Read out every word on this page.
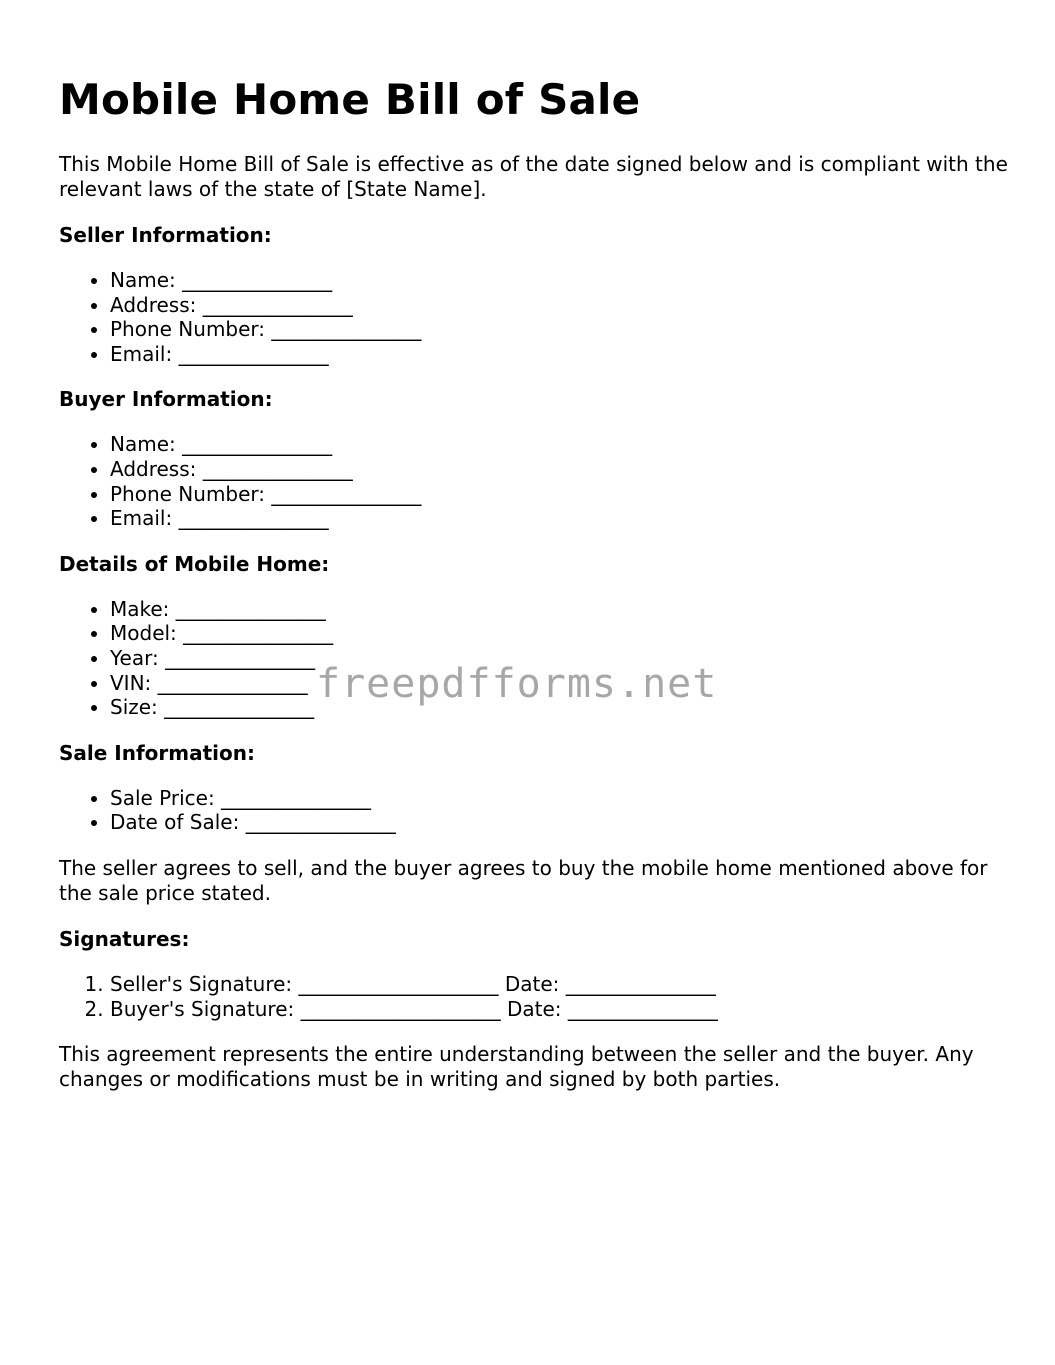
Mobile Home Bill of Sale

This Mobile Home Bill of Sale is effective as of the date signed below and is compliant with the relevant laws of the state of [State Name].

Seller Information:
• Name: _______________
• Address: _______________
• Phone Number: _______________
• Email: _______________
Buyer Information:
• Name: _______________
• Address: _______________
• Phone Number: _______________
• Email: _______________
Details of Mobile Home:
• Make: _______________
• Model: _______________
• Year: _______________
• VIN: _______________
• Size: _______________
Sale Information:
• Sale Price: _______________
• Date of Sale: _______________

The seller agrees to sell, and the buyer agrees to buy the mobile home mentioned above for the sale price stated.

Signatures:
1. Seller's Signature: ____________________ Date: _______________
2. Buyer's Signature: ____________________ Date: _______________

This agreement represents the entire understanding between the seller and the buyer. Any changes or modifications must be in writing and signed by both parties.

freepdfforms.net
